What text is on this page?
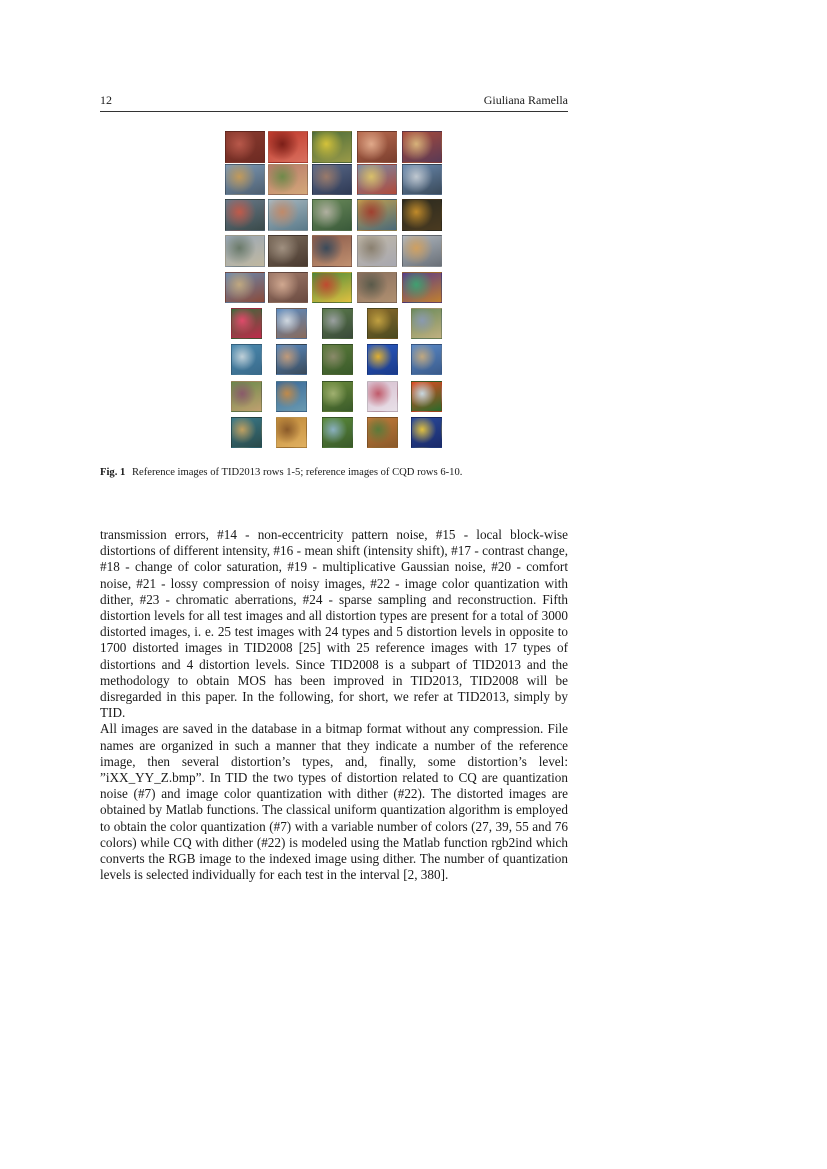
12	Giuliana Ramella
Fig. 1 Reference images of TID2013 rows 1-5; reference images of CQD rows 6-10.

transmission errors, #14 - non-eccentricity pattern noise, #15 - local block-wise distortions of different intensity, #16 - mean shift (intensity shift), #17 - contrast change, #18 - change of color saturation, #19 - multiplicative Gaussian noise, #20 - comfort noise, #21 - lossy compression of noisy images, #22 - image color quantization with dither, #23 - chromatic aberrations, #24 - sparse sampling and reconstruction. Fifth distortion levels for all test images and all distortion types are present for a total of 3000 distorted images, i. e. 25 test images with 24 types and 5 distortion levels in opposite to 1700 distorted images in TID2008 [25] with 25 reference images with 17 types of distortions and 4 distortion levels. Since TID2008 is a subpart of TID2013 and the methodology to obtain MOS has been improved in TID2013, TID2008 will be disregarded in this paper. In the following, for short, we refer at TID2013, simply by TID.

All images are saved in the database in a bitmap format without any compression. File names are organized in such a manner that they indicate a number of the reference image, then several distortion’s types, and, finally, some distortion’s level: ”iXX_YY_Z.bmp”. In TID the two types of distortion related to CQ are quantization noise (#7) and image color quantization with dither (#22). The distorted images are obtained by Matlab functions. The classical uniform quantization algorithm is employed to obtain the color quantization (#7) with a variable number of colors (27, 39, 55 and 76 colors) while CQ with dither (#22) is modeled using the Matlab function rgb2ind which converts the RGB image to the indexed image using dither. The number of quantization levels is selected individually for each test in the interval [2, 380].
